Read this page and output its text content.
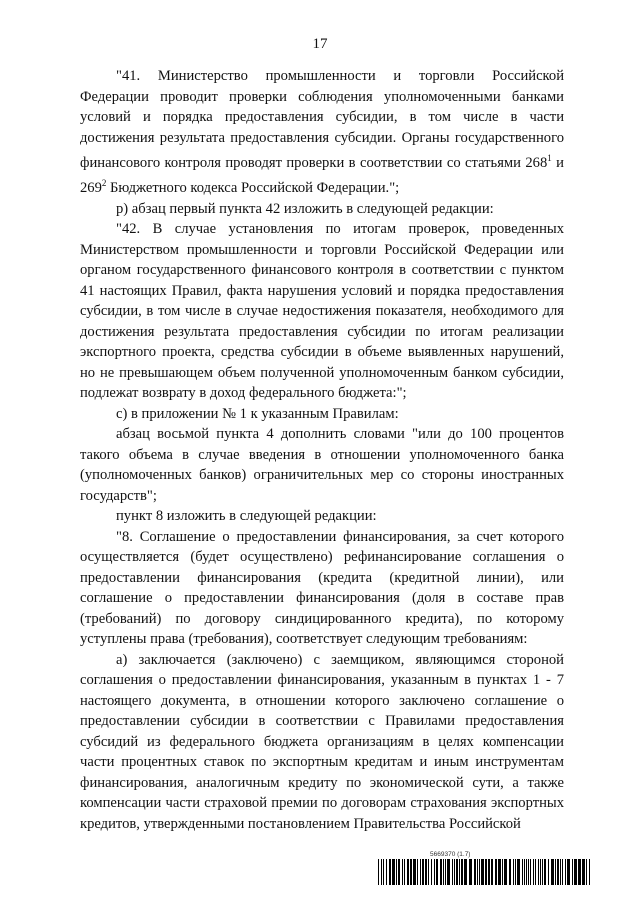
17

"41. Министерство промышленности и торговли Российской Федерации проводит проверки соблюдения уполномоченными банками условий и порядка предоставления субсидии, в том числе в части достижения результата предоставления субсидии. Органы государственного финансового контроля проводят проверки в соответствии со статьями $268^1$ и $269^2$ Бюджетного кодекса Российской Федерации.";

р) абзац первый пункта 42 изложить в следующей редакции:

"42. В случае установления по итогам проверок, проведенных Министерством промышленности и торговли Российской Федерации или органом государственного финансового контроля в соответствии с пунктом 41 настоящих Правил, факта нарушения условий и порядка предоставления субсидии, в том числе в случае недостижения показателя, необходимого для достижения результата предоставления субсидии по итогам реализации экспортного проекта, средства субсидии в объеме выявленных нарушений, но не превышающем объем полученной уполномоченным банком субсидии, подлежат возврату в доход федерального бюджета:";

с) в приложении № 1 к указанным Правилам:

абзац восьмой пункта 4 дополнить словами "или до 100 процентов такого объема в случае введения в отношении уполномоченного банка (уполномоченных банков) ограничительных мер со стороны иностранных государств";

пункт 8 изложить в следующей редакции:

"8. Соглашение о предоставлении финансирования, за счет которого осуществляется (будет осуществлено) рефинансирование соглашения о предоставлении финансирования (кредита (кредитной линии), или соглашение о предоставлении финансирования (доля в составе прав (требований) по договору синдицированного кредита), по которому уступлены права (требования), соответствует следующим требованиям:

а) заключается (заключено) с заемщиком, являющимся стороной соглашения о предоставлении финансирования, указанным в пунктах 1 - 7 настоящего документа, в отношении которого заключено соглашение о предоставлении субсидии в соответствии с Правилами предоставления субсидий из федерального бюджета организациям в целях компенсации части процентных ставок по экспортным кредитам и иным инструментам финансирования, аналогичным кредиту по экономической сути, а также компенсации части страховой премии по договорам страхования экспортных кредитов, утвержденными постановлением Правительства Российской

5669370 (1.7)
